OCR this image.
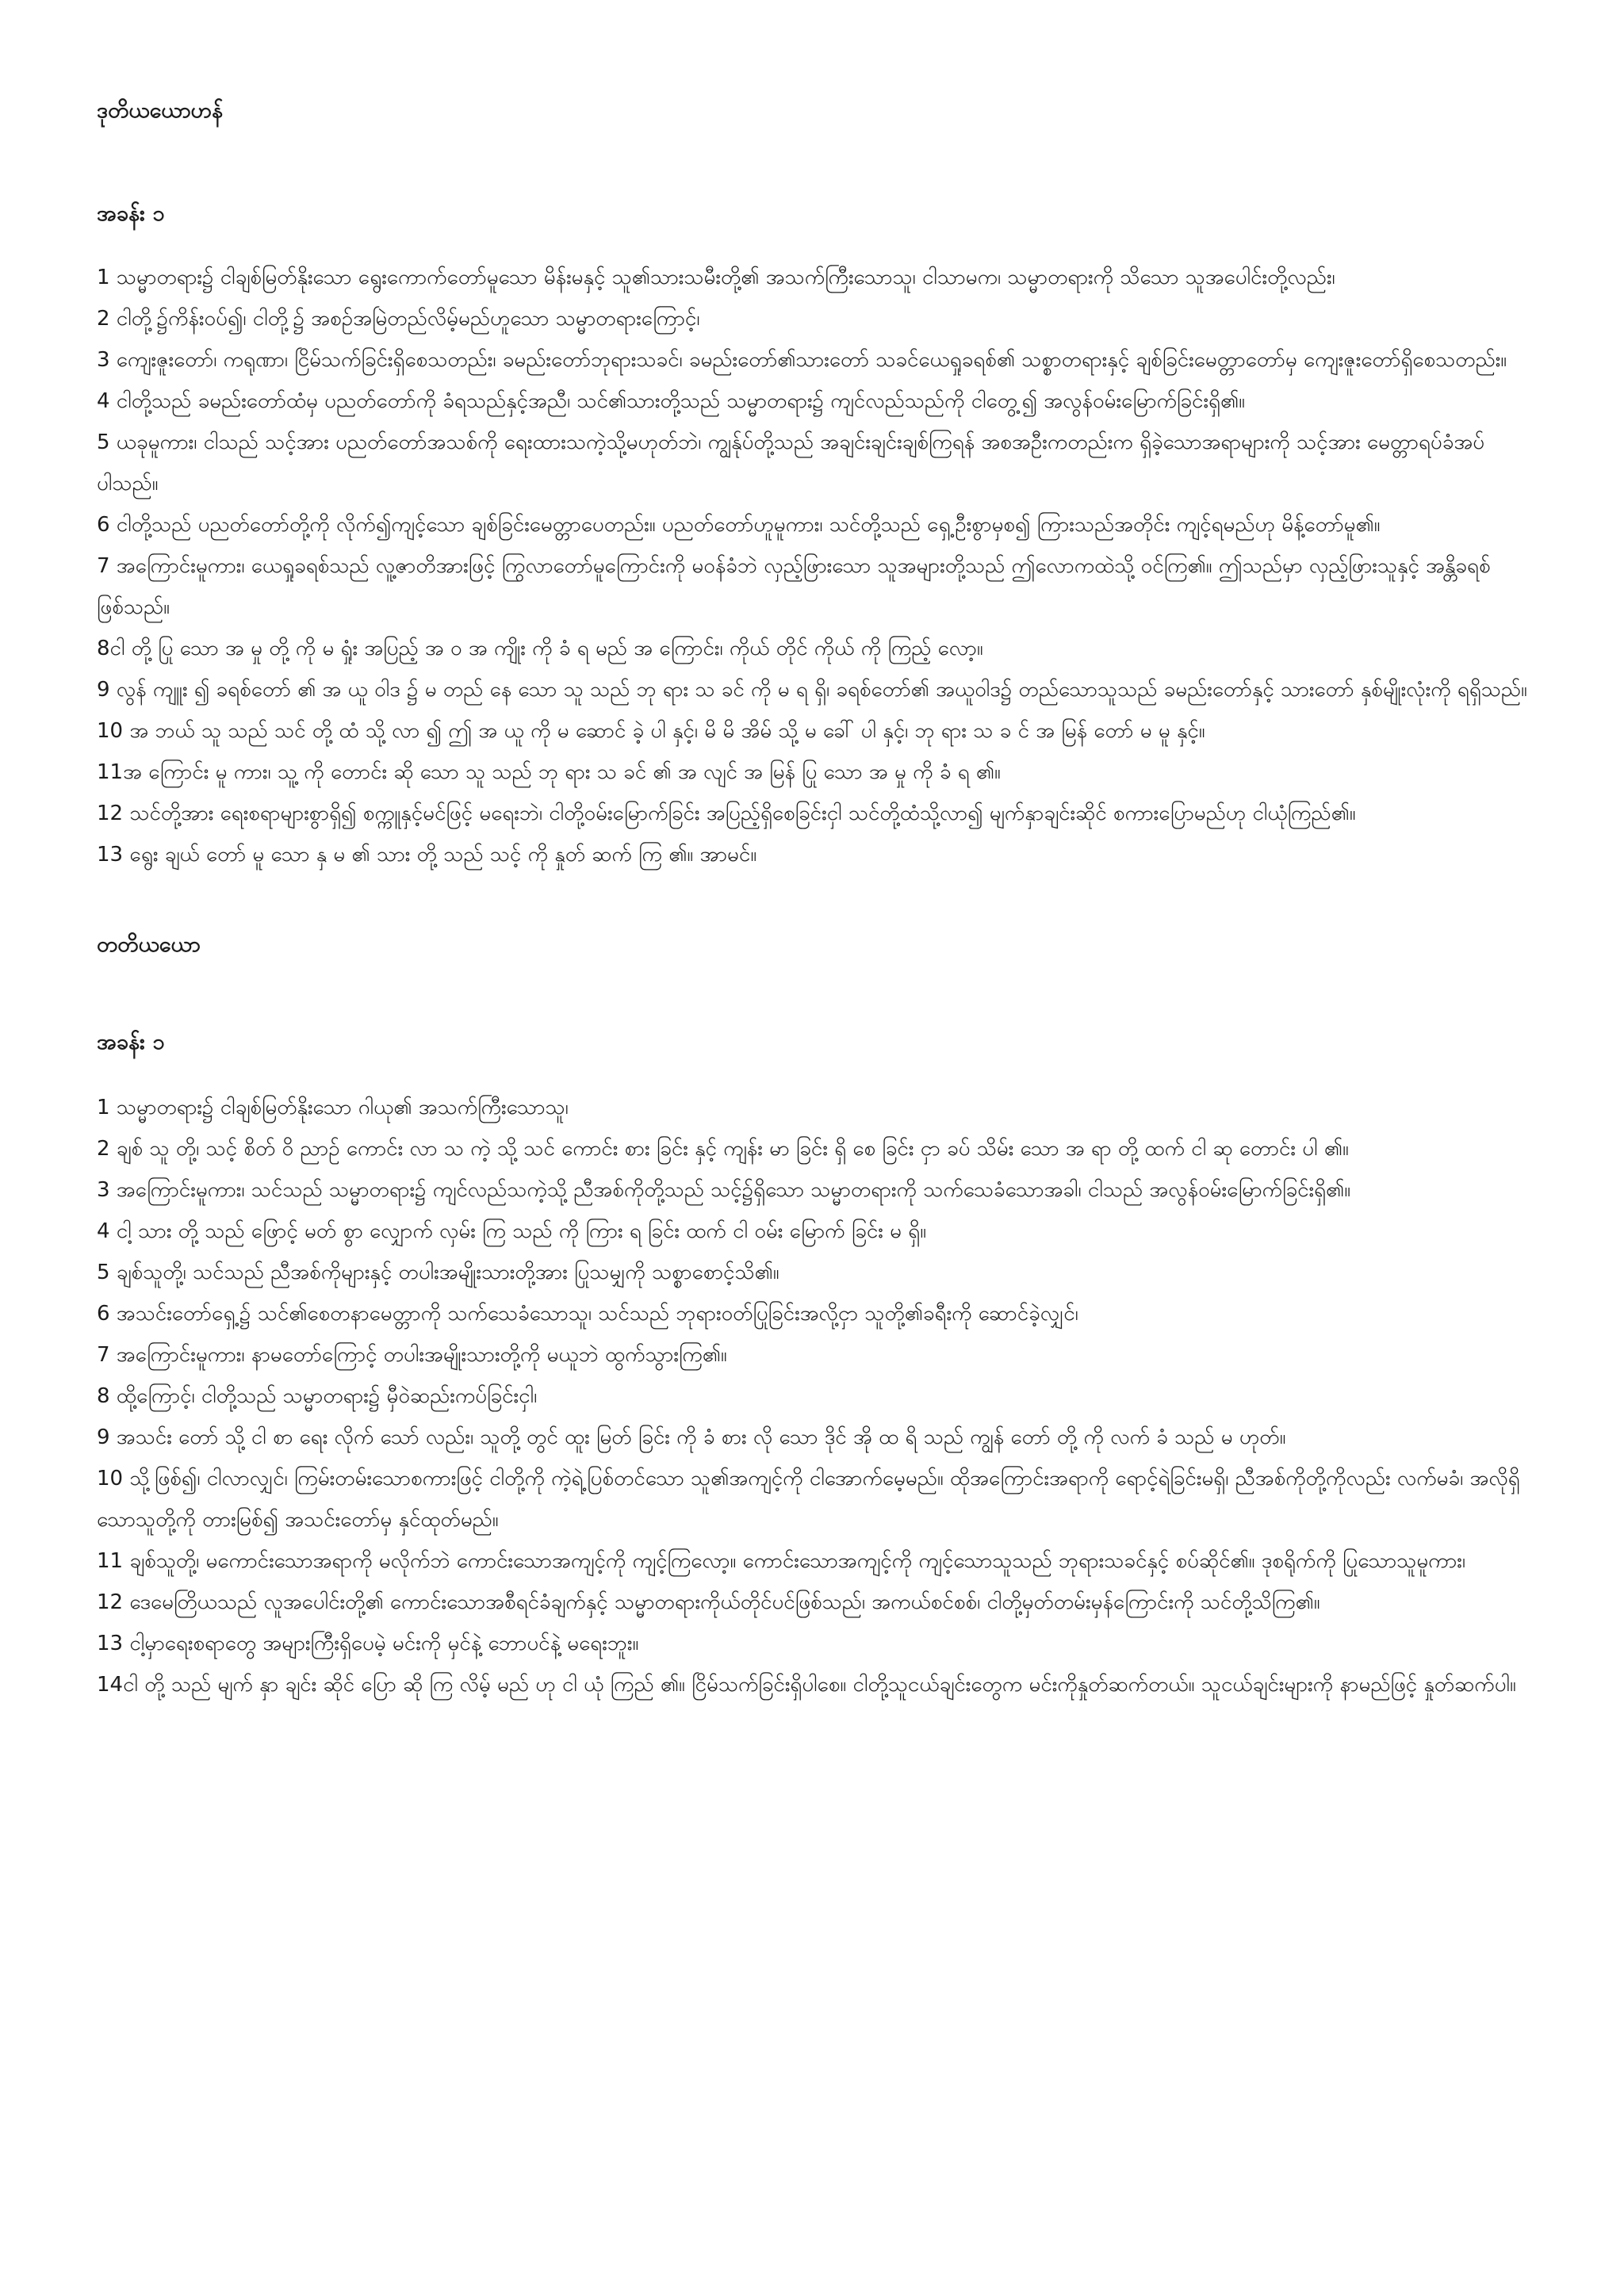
ဒုတိယယောဟန်
အခန်း ၁

1 သမ္မာတရား၌ ငါချစ်မြတ်နိုးသော ရွေးကောက်တော်မူသော မိန်းမနှင့် သူ၏သားသမီးတို့၏ အသက်ကြီးသောသူ၊ ငါသာမက၊ သမ္မာတရားကို သိသော သူအပေါင်းတို့လည်း၊

2 ငါတို့၌ကိန်းဝပ်၍၊ ငါတို့၌ အစဉ်အမြဲတည်လိမ့်မည်ဟူသော သမ္မာတရားကြောင့်၊

3 ကျေးဇူးတော်၊ ကရုဏာ၊ ငြိမ်သက်ခြင်းရှိစေသတည်း၊ ခမည်းတော်ဘုရားသခင်၊ ခမည်းတော်၏သားတော် သခင်ယေရှုခရစ်၏ သစ္စာတရားနှင့် ချစ်ခြင်းမေတ္တာတော်မှ ကျေးဇူးတော်ရှိစေသတည်း။

4 ငါတို့သည် ခမည်းတော်ထံမှ ပညတ်တော်ကို ခံရသည်နှင့်အညီ၊ သင်၏သားတို့သည် သမ္မာတရား၌ ကျင်လည်သည်ကို ငါတွေ့၍ အလွန်ဝမ်းမြောက်ခြင်းရှိ၏။

5 ယခုမူကား၊ ငါသည် သင့်အား ပညတ်တော်အသစ်ကို ရေးထားသကဲ့သို့မဟုတ်ဘဲ၊ ကျွန်ုပ်တို့သည် အချင်းချင်းချစ်ကြရန် အစအဦးကတည်းက ရှိခဲ့သောအရာများကို သင့်အား မေတ္တာရပ်ခံအပ်ပါသည်။

6 ငါတို့သည် ပညတ်တော်တို့ကို လိုက်၍ကျင့်သော ချစ်ခြင်းမေတ္တာပေတည်း။ ပညတ်တော်ဟူမူကား၊ သင်တို့သည် ရှေ့ဦးစွာမှစ၍ ကြားသည်အတိုင်း ကျင့်ရမည်ဟု မိန့်တော်မူ၏။

7 အကြောင်းမူကား၊ ယေရှုခရစ်သည် လူ့ဇာတိအားဖြင့် ကြွလာတော်မူကြောင်းကို မဝန်ခံဘဲ လှည့်ဖြားသော သူအများတို့သည် ဤလောကထဲသို့ ဝင်ကြ၏။ ဤသည်မှာ လှည့်ဖြားသူနှင့် အန္တိခရစ်ဖြစ်သည်။

8ငါ တို့ ပြု သော အ မှု တို့ ကို မ ရှုံး အပြည့် အ ဝ အ ကျိုး ကို ခံ ရ မည် အ ကြောင်း၊ ကိုယ် တိုင် ကိုယ် ကို ကြည့် လော့။

9 လွန် ကျူး ၍ ခရစ်တော် ၏ အ ယူ ဝါဒ ၌ မ တည် နေ သော သူ သည် ဘု ရား သ ခင် ကို မ ရ ရှိ၊ ခရစ်တော်၏ အယူဝါဒ၌ တည်သောသူသည် ခမည်းတော်နှင့် သားတော် နှစ်မျိုးလုံးကို ရရှိသည်။

10 အ ဘယ် သူ သည် သင် တို့ ထံ သို့ လာ ၍ ဤ အ ယူ ကို မ ဆောင် ခဲ့ ပါ နှင့်၊ မိ မိ အိမ် သို့ မ ခေါ် ပါ နှင့်၊ ဘု ရား သ ခ င် အ မြန် တော် မ မူ နှင့်။

11အ ကြောင်း မူ ကား၊ သူ့ ကို တောင်း ဆို သော သူ သည် ဘု ရား သ ခင် ၏ အ လျင် အ မြန် ပြု သော အ မှု ကို ခံ ရ ၏။

12 သင်တို့အား ရေးစရာများစွာရှိ၍ စက္ကူနှင့်မင်ဖြင့် မရေးဘဲ၊ ငါတို့ဝမ်းမြောက်ခြင်း အပြည့်ရှိစေခြင်းငှါ သင်တို့ထံသို့လာ၍ မျက်နှာချင်းဆိုင် စကားပြောမည်ဟု ငါယုံကြည်၏။

13 ရွေး ချယ် တော် မူ သော နှ မ ၏ သား တို့ သည် သင့် ကို နှုတ် ဆက် ကြ ၏။ အာမင်။

တတိယယော
အခန်း ၁

1 သမ္မာတရား၌ ငါချစ်မြတ်နိုးသော ဂါယု၏ အသက်ကြီးသောသူ၊

2 ချစ် သူ တို့၊ သင့် စိတ် ဝိ ညာဉ် ကောင်း လာ သ ကဲ့ သို့ သင် ကောင်း စား ခြင်း နှင့် ကျန်း မာ ခြင်း ရှိ စေ ခြင်း ငှာ ခပ် သိမ်း သော အ ရာ တို့ ထက် ငါ ဆု တောင်း ပါ ၏။

3 အကြောင်းမူကား၊ သင်သည် သမ္မာတရား၌ ကျင်လည်သကဲ့သို့ ညီအစ်ကိုတို့သည် သင့်၌ရှိသော သမ္မာတရားကို သက်သေခံသောအခါ၊ ငါသည် အလွန်ဝမ်းမြောက်ခြင်းရှိ၏။

4 ငါ့ သား တို့ သည် ဖြောင့် မတ် စွာ လျှောက် လှမ်း ကြ သည် ကို ကြား ရ ခြင်း ထက် ငါ ဝမ်း မြောက် ခြင်း မ ရှိ။

5 ချစ်သူတို့၊ သင်သည် ညီအစ်ကိုများနှင့် တပါးအမျိုးသားတို့အား ပြုသမျှကို သစ္စာစောင့်သိ၏။

6 အသင်းတော်ရှေ့၌ သင်၏စေတနာမေတ္တာကို သက်သေခံသောသူ၊ သင်သည် ဘုရားဝတ်ပြုခြင်းအလို့ငှာ သူတို့၏ခရီးကို ဆောင်ခဲ့လျှင်၊

7 အကြောင်းမူကား၊ နာမတော်ကြောင့် တပါးအမျိုးသားတို့ကို မယူဘဲ ထွက်သွားကြ၏။

8 ထို့ကြောင့်၊ ငါတို့သည် သမ္မာတရား၌ မှီဝဲဆည်းကပ်ခြင်းငှါ၊

9 အသင်း တော် သို့ ငါ စာ ရေး လိုက် သော် လည်း၊ သူတို့ တွင် ထူး မြတ် ခြင်း ကို ခံ စား လို သော ဒိုင် အို ထ ရိ သည် ကျွန် တော် တို့ ကို လက် ခံ သည် မ ဟုတ်။

10 သို့ဖြစ်၍၊ ငါလာလျှင်၊ ကြမ်းတမ်းသောစကားဖြင့် ငါတို့ကို ကဲ့ရဲ့ပြစ်တင်သော သူ၏အကျင့်ကို ငါအောက်မေ့မည်။ ထိုအကြောင်းအရာကို ရောင့်ရဲခြင်းမရှိ၊ ညီအစ်ကိုတို့ကိုလည်း လက်မခံ၊ အလိုရှိသောသူတို့ကို တားမြစ်၍ အသင်းတော်မှ နှင်ထုတ်မည်။

11 ချစ်သူတို့၊ မကောင်းသောအရာကို မလိုက်ဘဲ ကောင်းသောအကျင့်ကို ကျင့်ကြလော့။ ကောင်းသောအကျင့်ကို ကျင့်သောသူသည် ဘုရားသခင်နှင့် စပ်ဆိုင်၏။ ဒုစရိုက်ကို ပြုသောသူမူကား၊

12 ဒေမေတြိယသည် လူအပေါင်းတို့၏ ကောင်းသောအစီရင်ခံချက်နှင့် သမ္မာတရားကိုယ်တိုင်ပင်ဖြစ်သည်၊ အကယ်စင်စစ်၊ ငါတို့မှတ်တမ်းမှန်ကြောင်းကို သင်တို့သိကြ၏။

13 ငါ့မှာရေးစရာတွေ အများကြီးရှိပေမဲ့ မင်းကို မှင်နဲ့ ဘောပင်နဲ့ မရေးဘူး။

14ငါ တို့ သည် မျက် နှာ ချင်း ဆိုင် ပြော ဆို ကြ လိမ့် မည် ဟု ငါ ယုံ ကြည် ၏။ ငြိမ်သက်ခြင်းရှိပါစေ။ ငါတို့သူငယ်ချင်းတွေက မင်းကိုနှုတ်ဆက်တယ်။ သူငယ်ချင်းများကို နာမည်ဖြင့် နှုတ်ဆက်ပါ။
